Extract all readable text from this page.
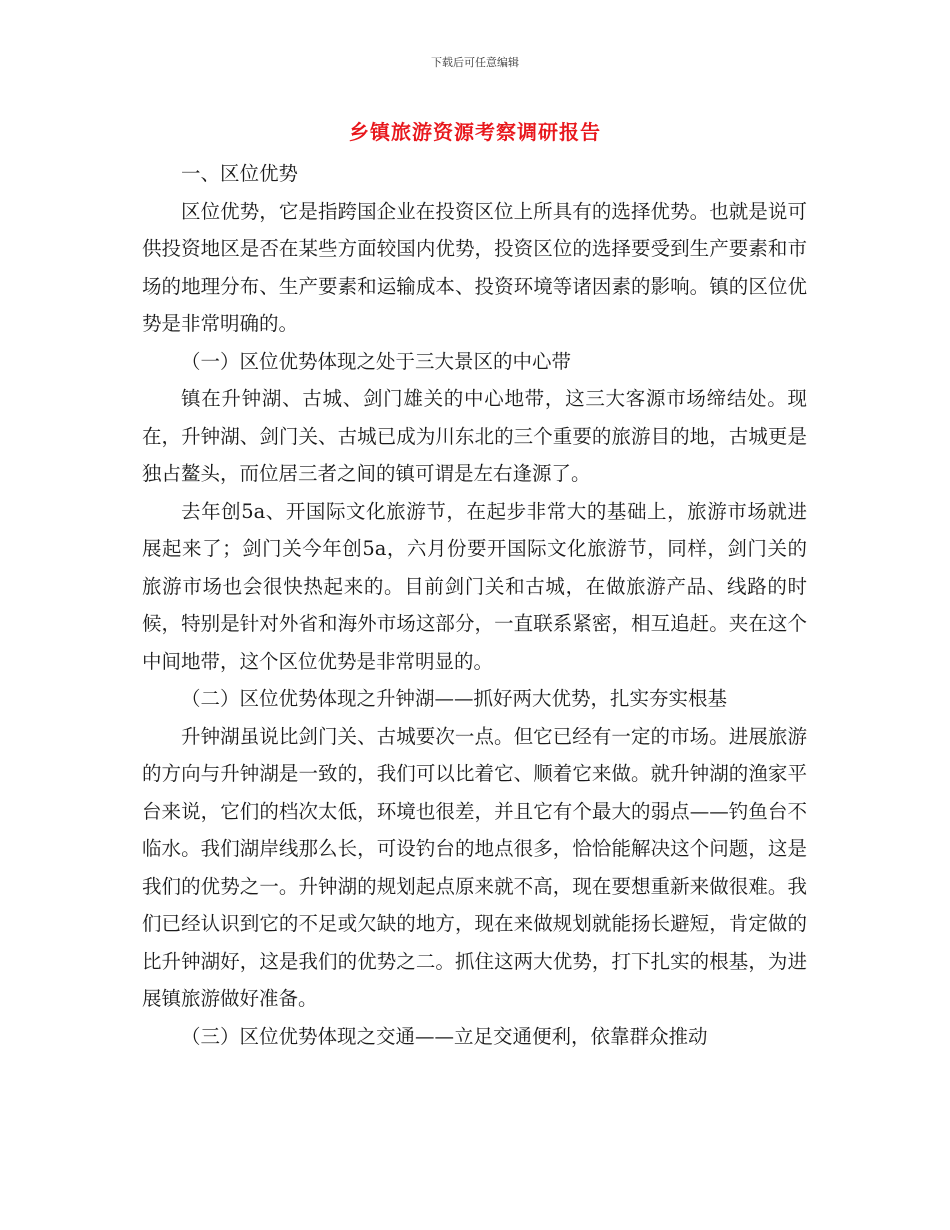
下载后可任意编辑
乡镇旅游资源考察调研报告

一、区位优势

区位优势，它是指跨国企业在投资区位上所具有的选择优势。也就是说可供投资地区是否在某些方面较国内优势，投资区位的选择要受到生产要素和市场的地理分布、生产要素和运输成本、投资环境等诸因素的影响。镇的区位优势是非常明确的。

（一）区位优势体现之处于三大景区的中心带

镇在升钟湖、古城、剑门雄关的中心地带，这三大客源市场缔结处。现在，升钟湖、剑门关、古城已成为川东北的三个重要的旅游目的地，古城更是独占鳌头，而位居三者之间的镇可谓是左右逢源了。

去年创5a、开国际文化旅游节，在起步非常大的基础上，旅游市场就进展起来了；剑门关今年创5a，六月份要开国际文化旅游节，同样，剑门关的旅游市场也会很快热起来的。目前剑门关和古城，在做旅游产品、线路的时候，特别是针对外省和海外市场这部分，一直联系紧密，相互追赶。夹在这个中间地带，这个区位优势是非常明显的。

（二）区位优势体现之升钟湖——抓好两大优势，扎实夯实根基

升钟湖虽说比剑门关、古城要次一点。但它已经有一定的市场。进展旅游的方向与升钟湖是一致的，我们可以比着它、顺着它来做。就升钟湖的渔家平台来说，它们的档次太低，环境也很差，并且它有个最大的弱点——钓鱼台不临水。我们湖岸线那么长，可设钓台的地点很多，恰恰能解决这个问题，这是我们的优势之一。升钟湖的规划起点原来就不高，现在要想重新来做很难。我们已经认识到它的不足或欠缺的地方，现在来做规划就能扬长避短，肯定做的比升钟湖好，这是我们的优势之二。抓住这两大优势，打下扎实的根基，为进展镇旅游做好准备。

（三）区位优势体现之交通——立足交通便利，依靠群众推动
